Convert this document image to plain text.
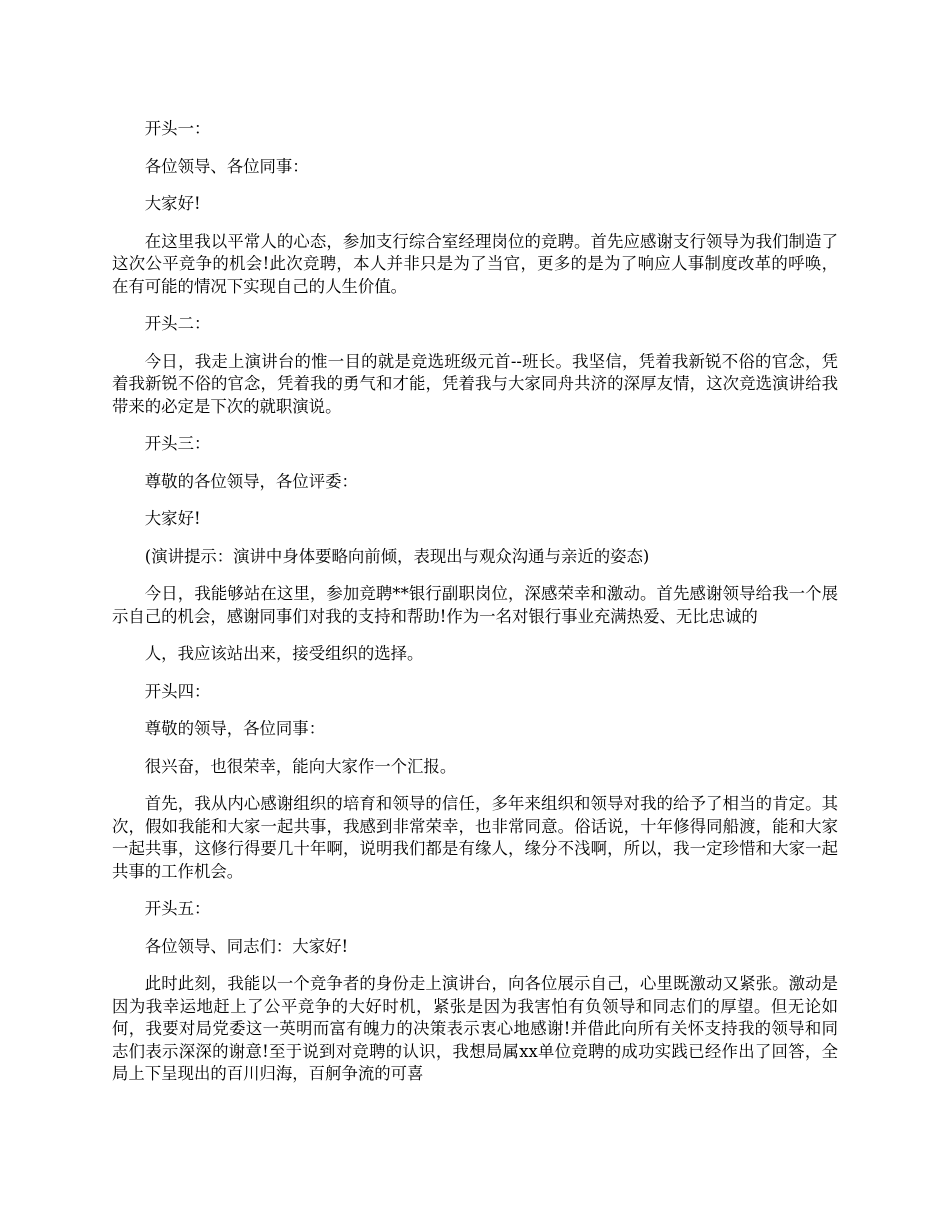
开头一：

各位领导、各位同事：

大家好!

在这里我以平常人的心态，参加支行综合室经理岗位的竞聘。首先应感谢支行领导为我们制造了这次公平竞争的机会!此次竞聘，本人并非只是为了当官，更多的是为了响应人事制度改革的呼唤，在有可能的情况下实现自己的人生价值。

开头二：

今日，我走上演讲台的惟一目的就是竞选班级元首--班长。我坚信，凭着我新锐不俗的官念，凭着我新锐不俗的官念，凭着我的勇气和才能，凭着我与大家同舟共济的深厚友情，这次竞选演讲给我带来的必定是下次的就职演说。

开头三：

尊敬的各位领导，各位评委：

大家好!

(演讲提示：演讲中身体要略向前倾，表现出与观众沟通与亲近的姿态)

今日，我能够站在这里，参加竞聘**银行副职岗位，深感荣幸和激动。首先感谢领导给我一个展示自己的机会，感谢同事们对我的支持和帮助!作为一名对银行事业充满热爱、无比忠诚的

人，我应该站出来，接受组织的选择。

开头四：

尊敬的领导，各位同事：

很兴奋，也很荣幸，能向大家作一个汇报。

首先，我从内心感谢组织的培育和领导的信任，多年来组织和领导对我的给予了相当的肯定。其次，假如我能和大家一起共事，我感到非常荣幸，也非常同意。俗话说，十年修得同船渡，能和大家一起共事，这修行得要几十年啊，说明我们都是有缘人，缘分不浅啊，所以，我一定珍惜和大家一起共事的工作机会。

开头五：

各位领导、同志们：大家好!

此时此刻，我能以一个竞争者的身份走上演讲台，向各位展示自己，心里既激动又紧张。激动是因为我幸运地赶上了公平竞争的大好时机，紧张是因为我害怕有负领导和同志们的厚望。但无论如何，我要对局党委这一英明而富有魄力的决策表示衷心地感谢!并借此向所有关怀支持我的领导和同志们表示深深的谢意!至于说到对竞聘的认识，我想局属xx单位竞聘的成功实践已经作出了回答，全局上下呈现出的百川归海，百舸争流的可喜
